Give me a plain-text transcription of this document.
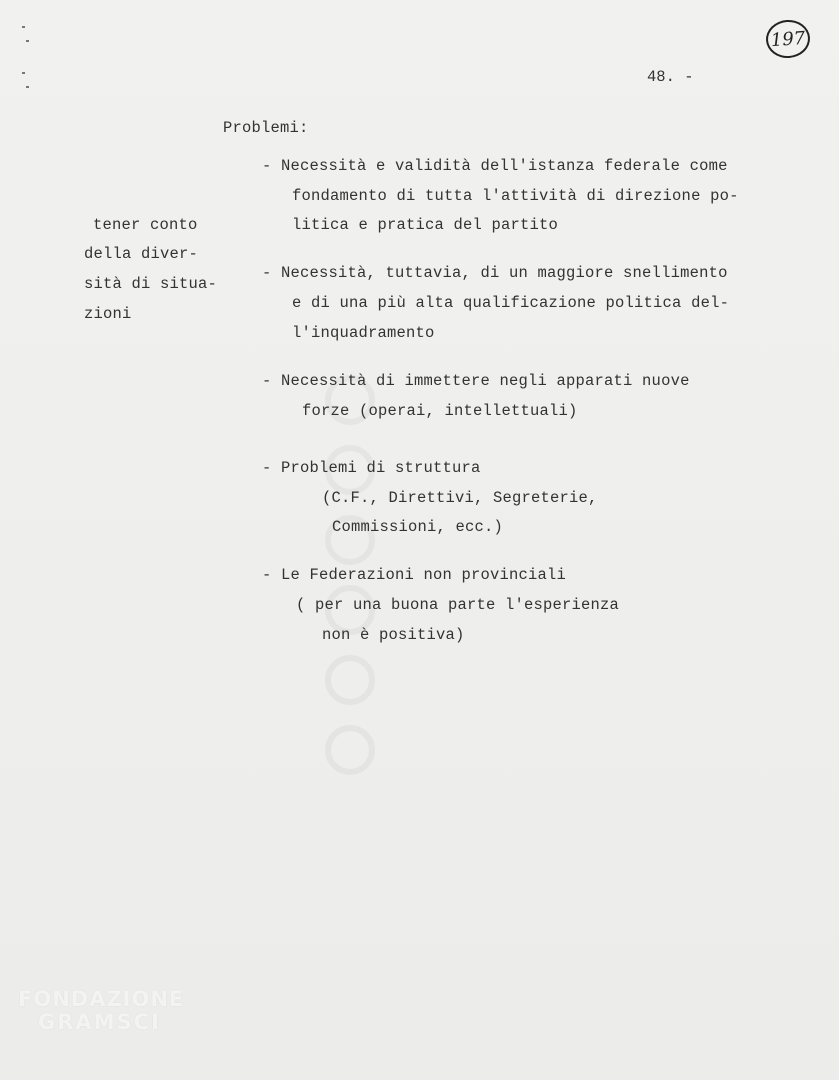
197
48. -
Problemi:
tener conto
della diver-
sità di situa-
zioni
- Necessità e validità dell'istanza federale come
fondamento di tutta l'attività di direzione po-
litica e pratica del partito
- Necessità, tuttavia, di un maggiore snellimento
e di una più alta qualificazione politica del-
l'inquadramento
- Necessità di immettere negli apparati nuove
forze (operai, intellettuali)
- Problemi di struttura
(C.F., Direttivi, Segreterie,
Commissioni, ecc.)
- Le Federazioni non provinciali
( per una buona parte l'esperienza
non è positiva)
FONDAZIONE
GRAMSCI
